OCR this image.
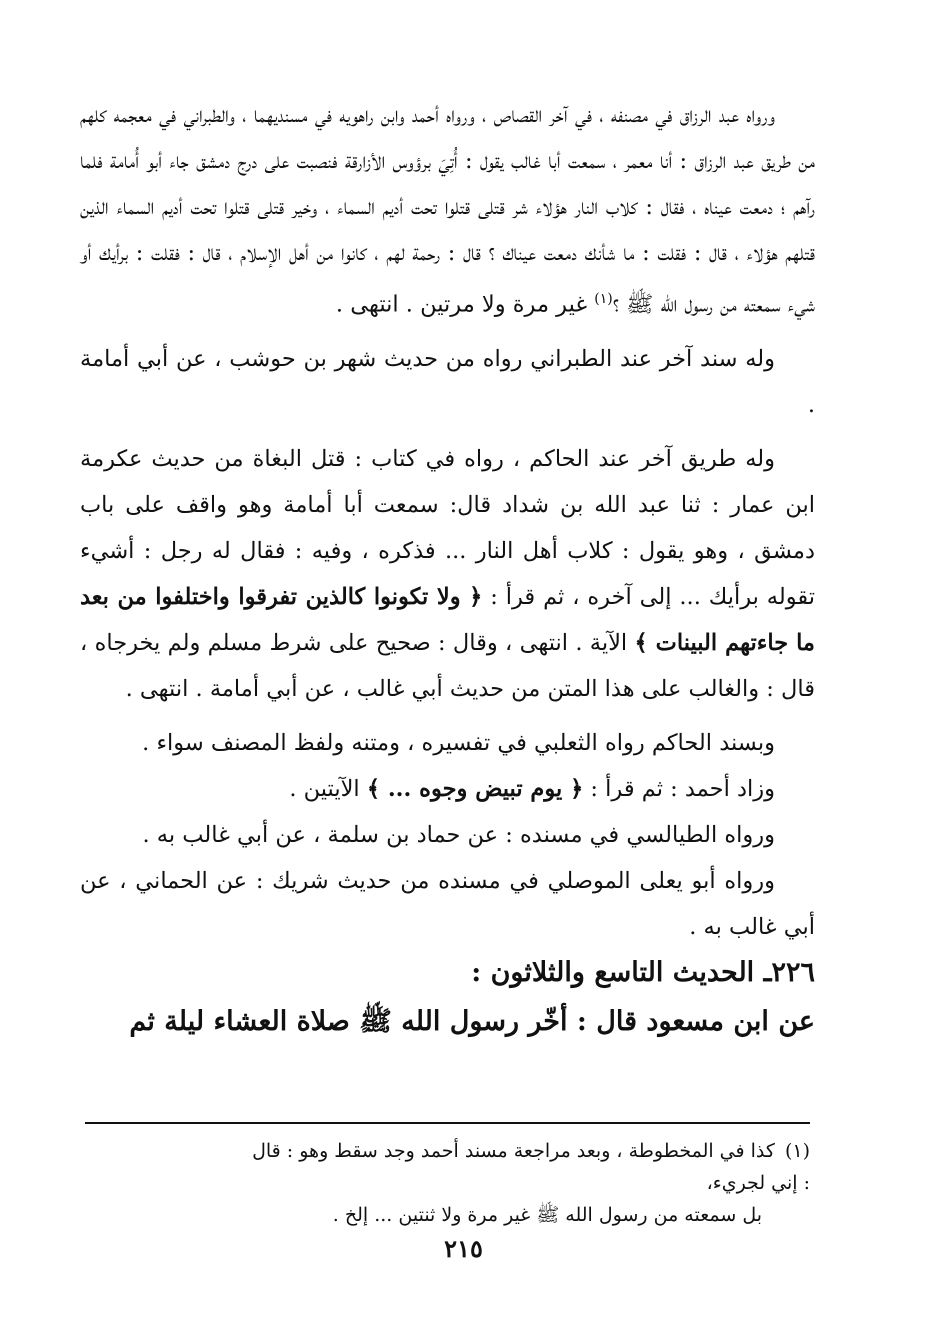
ورواه عبد الرزاق في مصنفه ، في آخر القصاص ، ورواه أحمد وابن راهويه في مسنديهما ، والطبراني في معجمه كلهم من طريق عبد الرزاق : أنا معمر ، سمعت أبا غالب يقول : أُتِيَ برؤوس الأزارقة فنصبت على درج دمشق جاء أبو أُمامة فلما رآهم ؛ دمعت عيناه ، فقال : كلاب النار هؤلاء شر قتلى قتلوا تحت أديم السماء ، وخير قتلى قتلوا تحت أديم السماء الذين قتلهم هؤلاء ، قال : فقلت : ما شأنك دمعت عيناك ؟ قال : رحمة لهم ، كانوا من أهل الإسلام ، قال : فقلت : برأيك أو شيء سمعته من رسول الله ﷺ ؟$^{(١)}$ غير مرة ولا مرتين . انتهى .

وله سند آخر عند الطبراني رواه من حديث شهر بن حوشب ، عن أبي أمامة .

وله طريق آخر عند الحاكم ، رواه في كتاب : قتل البغاة من حديث عكرمة ابن عمار : ثنا عبد الله بن شداد قال: سمعت أبا أمامة وهو واقف على باب دمشق ، وهو يقول : كلاب أهل النار ... فذكره ، وفيه : فقال له رجل : أشيء تقوله برأيك ... إلى آخره ، ثم قرأ : ﴿ ولا تكونوا كالذين تفرقوا واختلفوا من بعد ما جاءتهم البينات ﴾ الآية . انتهى ، وقال : صحيح على شرط مسلم ولم يخرجاه ، قال : والغالب على هذا المتن من حديث أبي غالب ، عن أبي أمامة . انتهى .

وبسند الحاكم رواه الثعلبي في تفسيره ، ومتنه ولفظ المصنف سواء .

وزاد أحمد : ثم قرأ : ﴿ يوم تبيض وجوه ... ﴾ الآيتين .

ورواه الطيالسي في مسنده : عن حماد بن سلمة ، عن أبي غالب به .

ورواه أبو يعلى الموصلي في مسنده من حديث شريك : عن الحماني ، عن أبي غالب به .

٢٢٦ـ الحديث التاسع والثلاثون :

عن ابن مسعود قال : أخّر رسول الله ﷺ صلاة العشاء ليلة ثم

(١)كذا في المخطوطة ، وبعد مراجعة مسند أحمد وجد سقط وهو : قال : إني لجريء،
بل سمعته من رسول الله ﷺ غير مرة ولا ثنتين ... إلخ .
٢١٥
